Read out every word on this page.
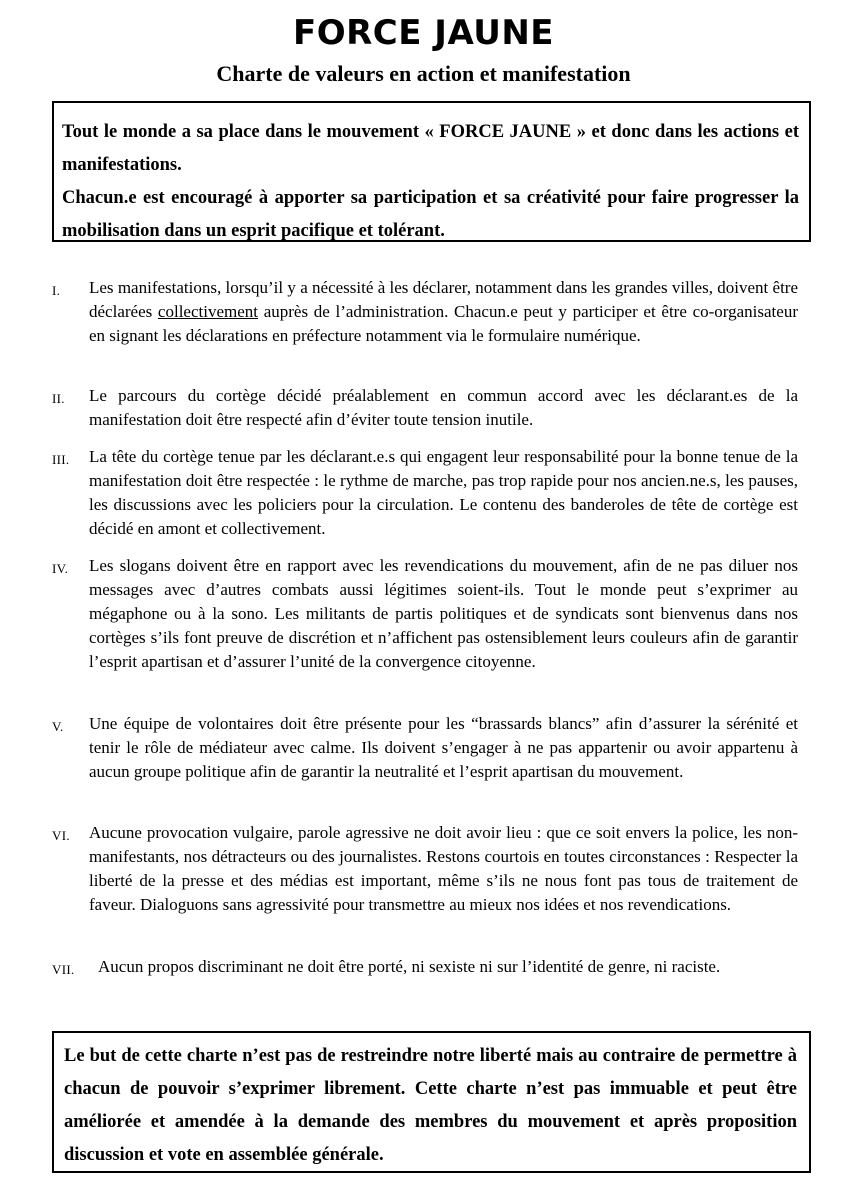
FORCE JAUNE
Charte de valeurs en action et manifestation

Tout le monde a sa place dans le mouvement « FORCE JAUNE » et donc dans les actions et manifestations.

Chacun.e est encouragé à apporter sa participation et sa créativité pour faire progresser la mobilisation dans un esprit pacifique et tolérant.

I. Les manifestations, lorsqu’il y a nécessité à les déclarer, notamment dans les grandes villes, doivent être déclarées collectivement auprès de l’administration. Chacun.e peut y participer et être co-organisateur en signant les déclarations en préfecture notamment via le formulaire numérique.
II. Le parcours du cortège décidé préalablement en commun accord avec les déclarant.es de la manifestation doit être respecté afin d’éviter toute tension inutile.
III. La tête du cortège tenue par les déclarant.e.s qui engagent leur responsabilité pour la bonne tenue de la manifestation doit être respectée : le rythme de marche, pas trop rapide pour nos ancien.ne.s, les pauses, les discussions avec les policiers pour la circulation. Le contenu des banderoles de tête de cortège est décidé en amont et collectivement.
IV. Les slogans doivent être en rapport avec les revendications du mouvement, afin de ne pas diluer nos messages avec d’autres combats aussi légitimes soient-ils. Tout le monde peut s’exprimer au mégaphone ou à la sono. Les militants de partis politiques et de syndicats sont bienvenus dans nos cortèges s’ils font preuve de discrétion et n’affichent pas ostensiblement leurs couleurs afin de garantir l’esprit apartisan et d’assurer l’unité de la convergence citoyenne.
V. Une équipe de volontaires doit être présente pour les “brassards blancs” afin d’assurer la sérénité et tenir le rôle de médiateur avec calme. Ils doivent s’engager à ne pas appartenir ou avoir appartenu à aucun groupe politique afin de garantir la neutralité et l’esprit apartisan du mouvement.
VI. Aucune provocation vulgaire, parole agressive ne doit avoir lieu : que ce soit envers la police, les non-manifestants, nos détracteurs ou des journalistes. Restons courtois en toutes circonstances : Respecter la liberté de la presse et des médias est important, même s’ils ne nous font pas tous de traitement de faveur. Dialoguons sans agressivité pour transmettre au mieux nos idées et nos revendications.
VII. Aucun propos discriminant ne doit être porté, ni sexiste ni sur l’identité de genre, ni raciste.

Le but de cette charte n’est pas de restreindre notre liberté mais au contraire de permettre à chacun de pouvoir s’exprimer librement. Cette charte n’est pas immuable et peut être améliorée et amendée à la demande des membres du mouvement et après proposition discussion et vote en assemblée générale.
